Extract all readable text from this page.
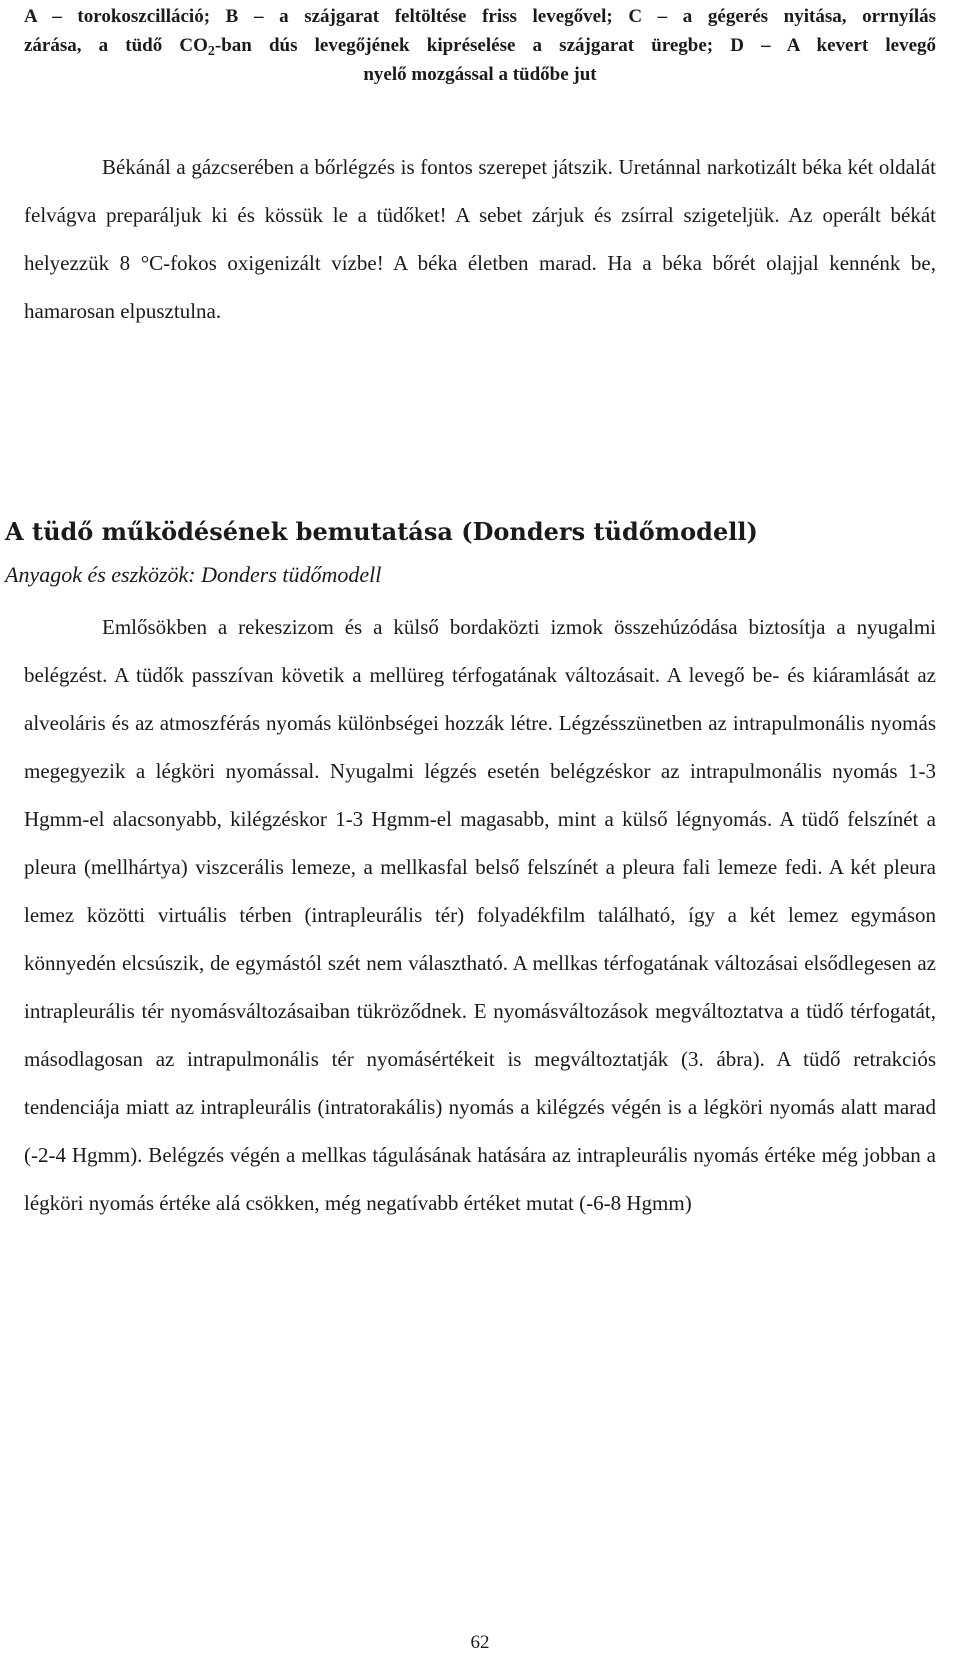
A – torokoszcilláció; B – a szájgarat feltöltése friss levegővel; C – a gégerés nyitása, orrnyílás
zárása, a tüdő $CO_2$-ban dús levegőjének kipréselése a szájgarat üregbe; D – A kevert levegő
nyelő mozgással a tüdőbe jut
Békánál a gázcserében a bőrlégzés is fontos szerepet játszik. Uretánnal narkotizált béka két oldalát felvágva preparáljuk ki és kössük le a tüdőket! A sebet zárjuk és zsírral szigeteljük. Az operált békát helyezzük 8 °C-fokos oxigenizált vízbe! A béka életben marad. Ha a béka bőrét olajjal kennénk be, hamarosan elpusztulna.
A tüdő működésének bemutatása (Donders tüdőmodell)
Anyagok és eszközök: Donders tüdőmodell
Emlősökben a rekeszizom és a külső bordaközti izmok összehúzódása biztosítja a nyugalmi belégzést. A tüdők passzívan követik a mellüreg térfogatának változásait. A levegő be- és kiáramlását az alveoláris és az atmoszférás nyomás különbségei hozzák létre. Légzésszünetben az intrapulmonális nyomás megegyezik a légköri nyomással. Nyugalmi légzés esetén belégzéskor az intrapulmonális nyomás 1-3 Hgmm-el alacsonyabb, kilégzéskor 1-3 Hgmm-el magasabb, mint a külső légnyomás. A tüdő felszínét a pleura (mellhártya) viszcerális lemeze, a mellkasfal belső felszínét a pleura fali lemeze fedi. A két pleura lemez közötti virtuális térben (intrapleurális tér) folyadékfilm található, így a két lemez egymáson könnyedén elcsúszik, de egymástól szét nem választható. A mellkas térfogatának változásai elsődlegesen az intrapleurális tér nyomásváltozásaiban tükröződnek. E nyomásváltozások megváltoztatva a tüdő térfogatát, másodlagosan az intrapulmonális tér nyomásértékeit is megváltoztatják (3. ábra). A tüdő retrakciós tendenciája miatt az intrapleurális (intratorakális) nyomás a kilégzés végén is a légköri nyomás alatt marad (-2-4 Hgmm). Belégzés végén a mellkas tágulásának hatására az intrapleurális nyomás értéke még jobban a légköri nyomás értéke alá csökken, még negatívabb értéket mutat (-6-8 Hgmm)
62
